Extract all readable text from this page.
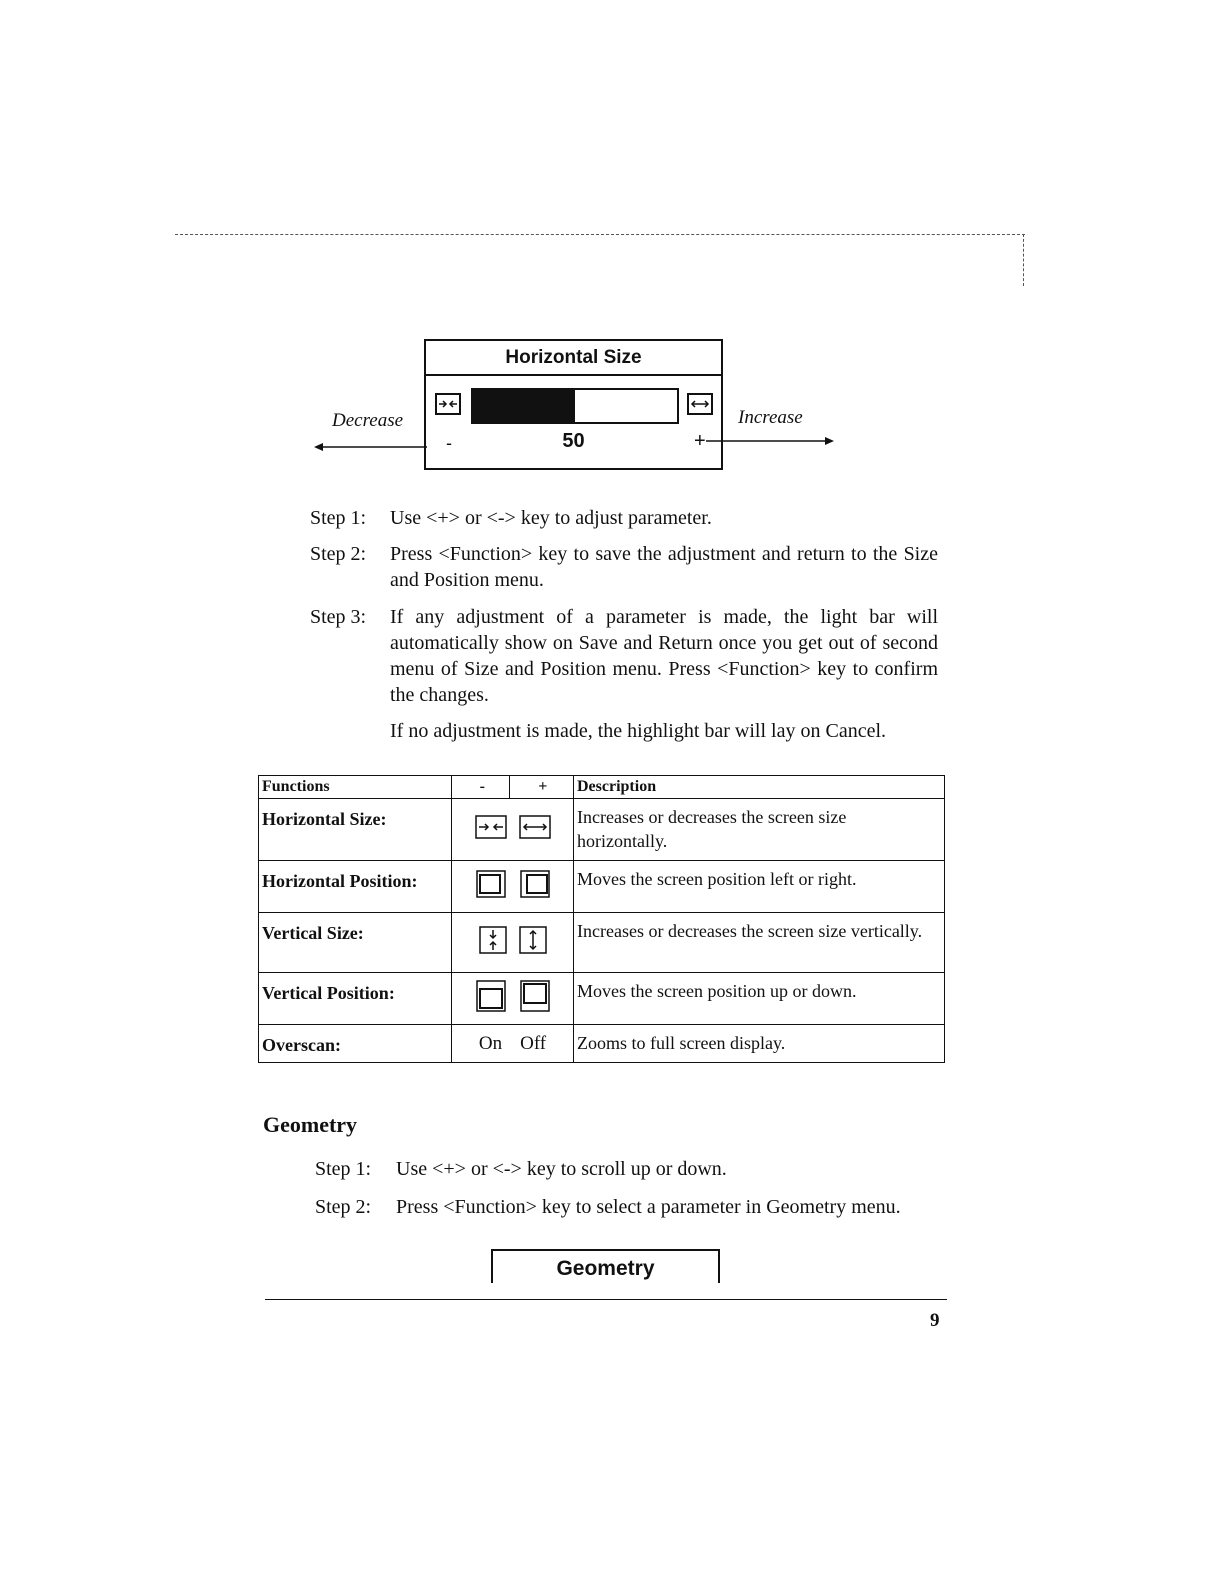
Horizontal Size
-	50	+
Decrease	Increase
Step 1: Use <+> or <-> key to adjust parameter.
Step 2: Press <Function> key to save the adjustment and return to the Size and Position menu.
Step 3: If any adjustment of a parameter is made, the light bar will automatically show on Save and Return once you get out of second menu of Size and Position menu. Press <Function> key to confirm the changes.
If no adjustment is made, the highlight bar will lay on Cancel.
Functions	- +	Description
Horizontal Size:		Increases or decreases the screen size horizontally.
Horizontal Position:		Moves the screen position left or right.
Vertical Size:		Increases or decreases the screen size vertically.
Vertical Position:		Moves the screen position up or down.
Overscan:	On Off	Zooms to full screen display.
Geometry
Step 1: Use <+> or <-> key to scroll up or down.
Step 2: Press <Function> key to select a parameter in Geometry menu.
Geometry
9
